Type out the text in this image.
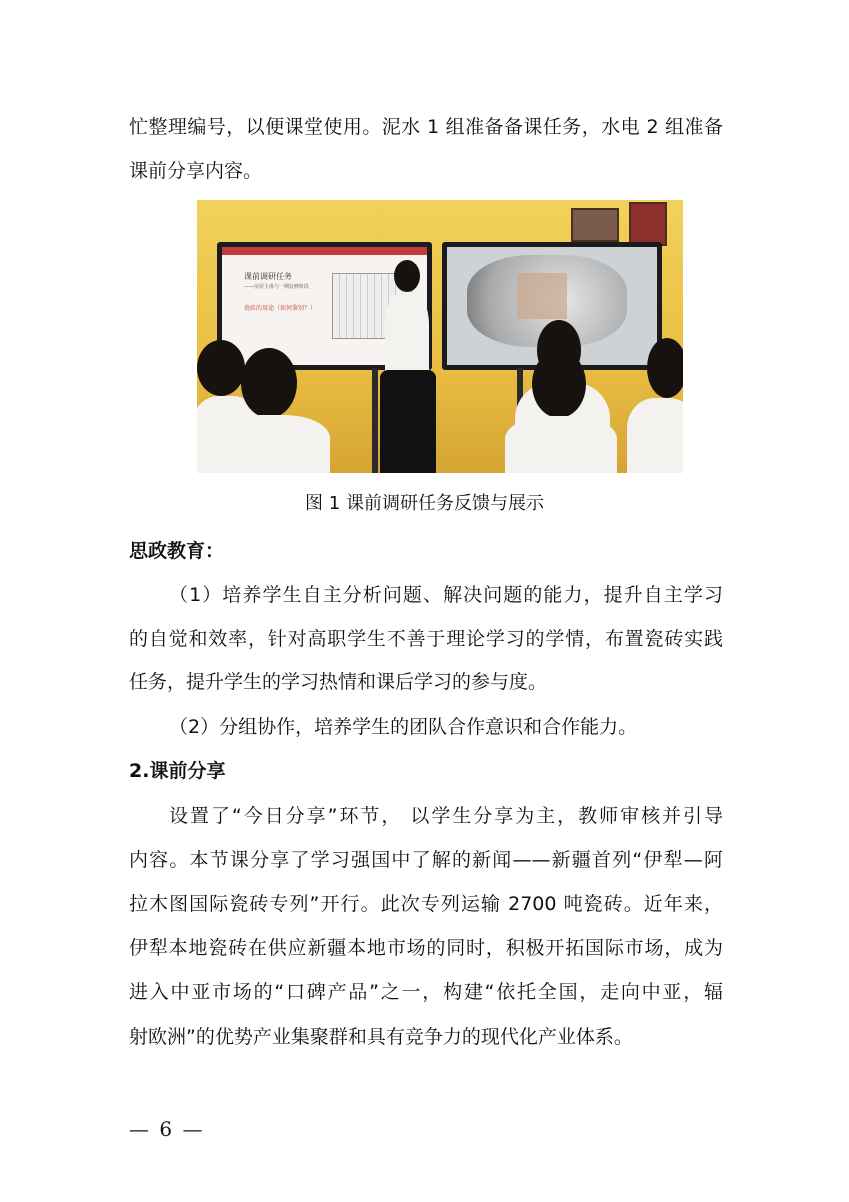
忙整理编号，以便课堂使用。泥水 1 组准备备课任务，水电 2 组准备
课前分享内容。
课前调研任务
——房屋主体与一期装修阶段
瓷砖的用途（如何鉴别？）
图 1 课前调研任务反馈与展示
思政教育：
（1）培养学生自主分析问题、解决问题的能力，提升自主学习
的自觉和效率，针对高职学生不善于理论学习的学情，布置瓷砖实践
任务，提升学生的学习热情和课后学习的参与度。
（2）分组协作，培养学生的团队合作意识和合作能力。
2.课前分享
设置了“今日分享”环节， 以学生分享为主，教师审核并引导
内容。本节课分享了学习强国中了解的新闻——新疆首列“伊犁—阿
拉木图国际瓷砖专列”开行。此次专列运输 2700 吨瓷砖。近年来，
伊犁本地瓷砖在供应新疆本地市场的同时，积极开拓国际市场，成为
进入中亚市场的“口碑产品”之一，构建“依托全国，走向中亚，辐
射欧洲”的优势产业集聚群和具有竞争力的现代化产业体系。
— 6 —
